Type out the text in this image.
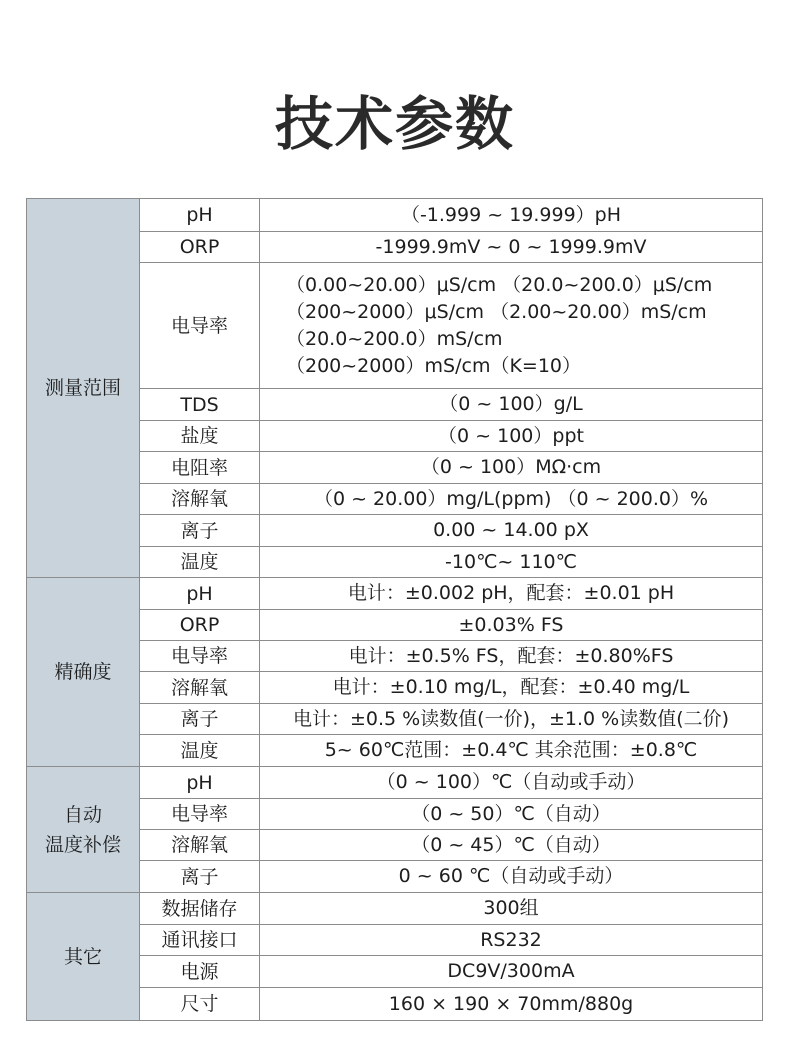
技术参数
测量范围	pH	（-1.999 ~ 19.999）pH

	ORP	-1999.9mV ~ 0 ~ 1999.9mV

	电导率	（0.00~20.00）μS/cm （20.0~200.0）μS/cm
（200~2000）μS/cm （2.00~20.00）mS/cm
（20.0~200.0）mS/cm
（200~2000）mS/cm（K=10）

	TDS	（0 ~ 100）g/L

	盐度	（0 ~ 100）ppt

	电阻率	（0 ~ 100）MΩ·cm

	溶解氧	（0 ~ 20.00）mg/L(ppm) （0 ~ 200.0）%

	离子	0.00 ~ 14.00 pX

	温度	-10℃~ 110℃

精确度	pH	电计：±0.002 pH，配套：±0.01 pH

	ORP	±0.03% FS

	电导率	电计：±0.5% FS，配套：±0.80%FS

	溶解氧	电计：±0.10 mg/L，配套：±0.40 mg/L

	离子	电计：±0.5 %读数值(一价)，±1.0 %读数值(二价)

	温度	5~ 60℃范围：±0.4℃ 其余范围：±0.8℃

自动
温度补偿	pH	（0 ~ 100）℃（自动或手动）

	电导率	（0 ~ 50）℃（自动）

	溶解氧	（0 ~ 45）℃（自动）

	离子	0 ~ 60 ℃（自动或手动）

其它	数据储存	300组

	通讯接口	RS232

	电源	DC9V/300mA

	尺寸	160 × 190 × 70mm/880g
